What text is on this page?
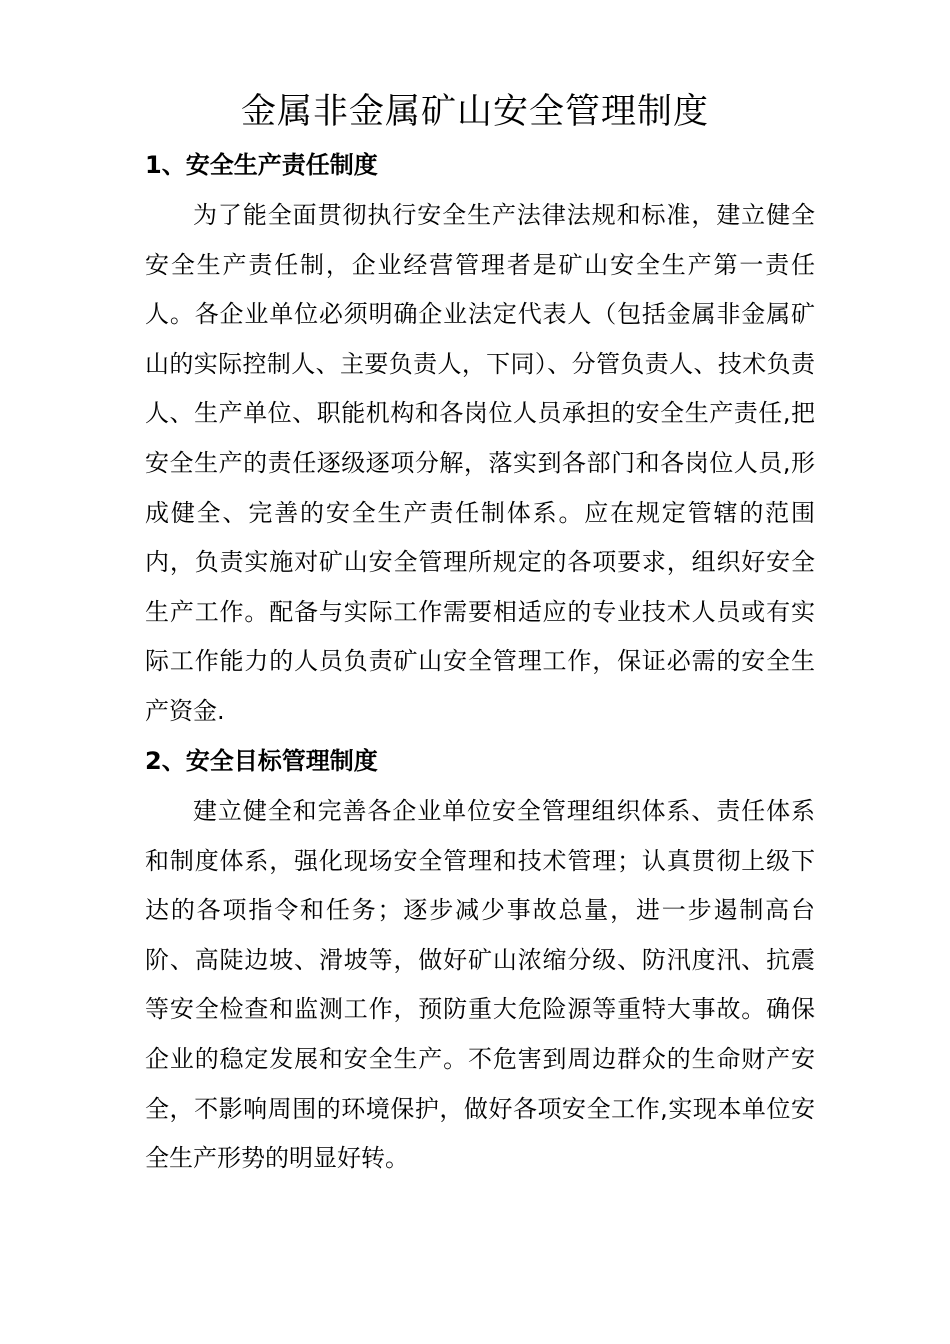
金属非金属矿山安全管理制度
1、安全生产责任制度

为了能全面贯彻执行安全生产法律法规和标准，建立健全安全生产责任制，企业经营管理者是矿山安全生产第一责任人。各企业单位必须明确企业法定代表人（包括金属非金属矿山的实际控制人、主要负责人，下同）、分管负责人、技术负责人、生产单位、职能机构和各岗位人员承担的安全生产责任,把安全生产的责任逐级逐项分解，落实到各部门和各岗位人员,形成健全、完善的安全生产责任制体系。应在规定管辖的范围内，负责实施对矿山安全管理所规定的各项要求，组织好安全生产工作。配备与实际工作需要相适应的专业技术人员或有实际工作能力的人员负责矿山安全管理工作，保证必需的安全生产资金.

2、安全目标管理制度

建立健全和完善各企业单位安全管理组织体系、责任体系和制度体系，强化现场安全管理和技术管理；认真贯彻上级下达的各项指令和任务；逐步减少事故总量，进一步遏制高台阶、高陡边坡、滑坡等，做好矿山浓缩分级、防汛度汛、抗震等安全检查和监测工作，预防重大危险源等重特大事故。确保企业的稳定发展和安全生产。不危害到周边群众的生命财产安全，不影响周围的环境保护，做好各项安全工作,实现本单位安全生产形势的明显好转。
